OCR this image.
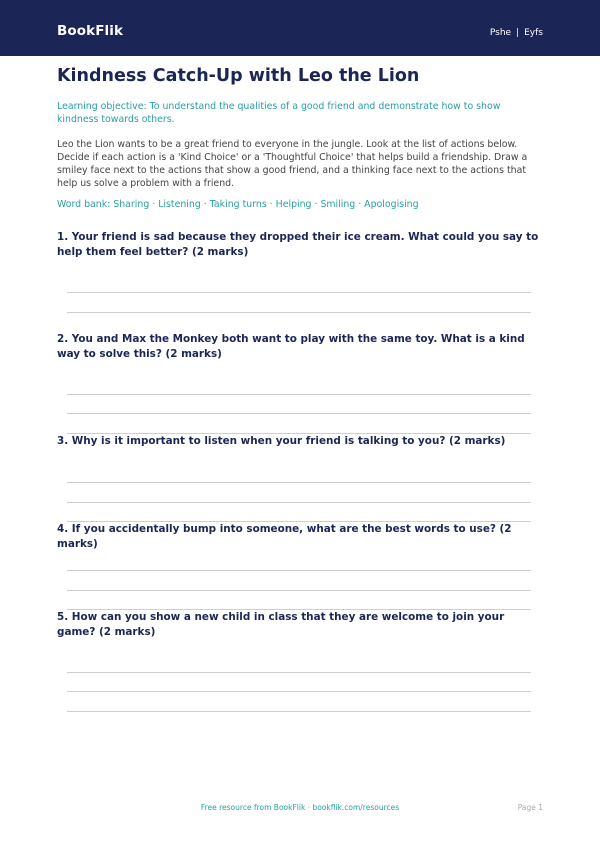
BookFlik	Pshe | Eyfs
Kindness Catch-Up with Leo the Lion
Learning objective: To understand the qualities of a good friend and demonstrate how to show kindness towards others.
Leo the Lion wants to be a great friend to everyone in the jungle. Look at the list of actions below. Decide if each action is a 'Kind Choice' or a 'Thoughtful Choice' that helps build a friendship. Draw a smiley face next to the actions that show a good friend, and a thinking face next to the actions that help us solve a problem with a friend.
Word bank: Sharing · Listening · Taking turns · Helping · Smiling · Apologising
1. Your friend is sad because they dropped their ice cream. What could you say to help them feel better? (2 marks)
2. You and Max the Monkey both want to play with the same toy. What is a kind way to solve this? (2 marks)
3. Why is it important to listen when your friend is talking to you? (2 marks)
4. If you accidentally bump into someone, what are the best words to use? (2 marks)
5. How can you show a new child in class that they are welcome to join your game? (2 marks)
Free resource from BookFlik · bookflik.com/resources	Page 1
